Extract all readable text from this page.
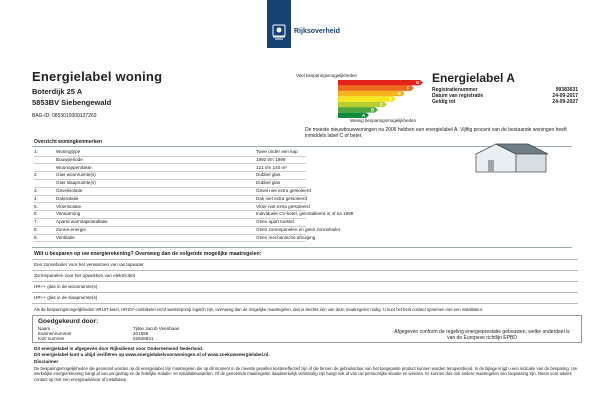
Rijksoverheid
Energielabel woning
Boterdijk 25 A
5853BV Siebengewald
BAG-ID: 0853010000137269
Veel besparingsmogelijkheden
A
B
C
D
E
F
G
Weinig besparingsmogelijkheden
Energielabel A
Registratienummer	99383631
Datum van registratie	24-09-2017
Geldig tot	24-09-2027
De meeste nieuwbouwwoningen na 2006 hebben een energielabel A. Vijftig procent van de bestaande woningen heeft inmiddels label C of beter.
Overzicht woningkenmerken
1.	Woningtype	Twee onder een kap
Bouwperiode	1992 t/m 1999
Woonoppervlakte	121 t/m 140 m²
2.	Glas woonruimte(s)	Dubbel glas
Glas slaapruimte(s)	Dubbel glas
3.	Gevelisolatie	Gevel niet extra geïsoleerd
4.	Dakisolatie	Dak niet extra geïsoleerd
5.	Vloerisolatie	Vloer niet extra geïsoleerd
6.	Verwarming	Individuele CV-ketel, geïnstalleerd in of na 1998
7.	Aparte warmtapinstallatie	Geen apart toestel
8.	Zonne-energie	Geen zonnepanelen en geen zonneboiler
9.	Ventilatie	Geen mechanische afzuiging
Wilt u besparen op uw energierekening? Overweeg dan de volgende mogelijke maatregelen:
Een zonneboiler voor het verwarmen van uw tapwater
Zonnepanelen voor het opwekken van elektriciteit
HR++ glas in de woonruimte(s)
HR++ glas in de slaapruimte(s)
Als de besparingsmogelijkheden HR107-ketel, HR107-combiketel en/of warmtepomp logisch zijn, overweeg dan de mogelijke maatregelen, dan is slechts één van deze maatregelen nodig. U kunt het best contact opnemen met een installateur.
Goedgekeurd door:
Naam	Tjitse Jacob Veenbaas
Examennummer	201555
KvK nummer	62646621
Afgegeven conform de regeling energieprestatie gebouwen, welke onderdeel is van de Europese richtlijn EPBD
Dit energielabel is afgegeven door Rijksdienst voor Ondernemend Nederland.
Dit energielabel kunt u altijd verifiëren op www.energielabelvoorwoningen.nl of www.zoekuwenergielabel.nl.
Disclaimer
De besparingsmogelijkheden die genoemd worden op dit energielabel zijn maatregelen die op dit moment in de meeste gevallen kosteneffectief zijn of die binnen de gebruiksduur van het toegepaste product kunnen worden terugverdiend. In de bijlage krijgt u een indicatie van de besparing. Uw werkelijke energierekening hangt af van uw gedrag en de feitelijke isolatie- en installatiewaarden. Of de genoemde maatregelen daadwerkelijk verstandig zijn hangt ook af van uw persoonlijke situatie en wensen. Er kunnen dus ook andere maatregelen van toepassing zijn. Neem voor advies contact op met een energieadviseur of installateur.
